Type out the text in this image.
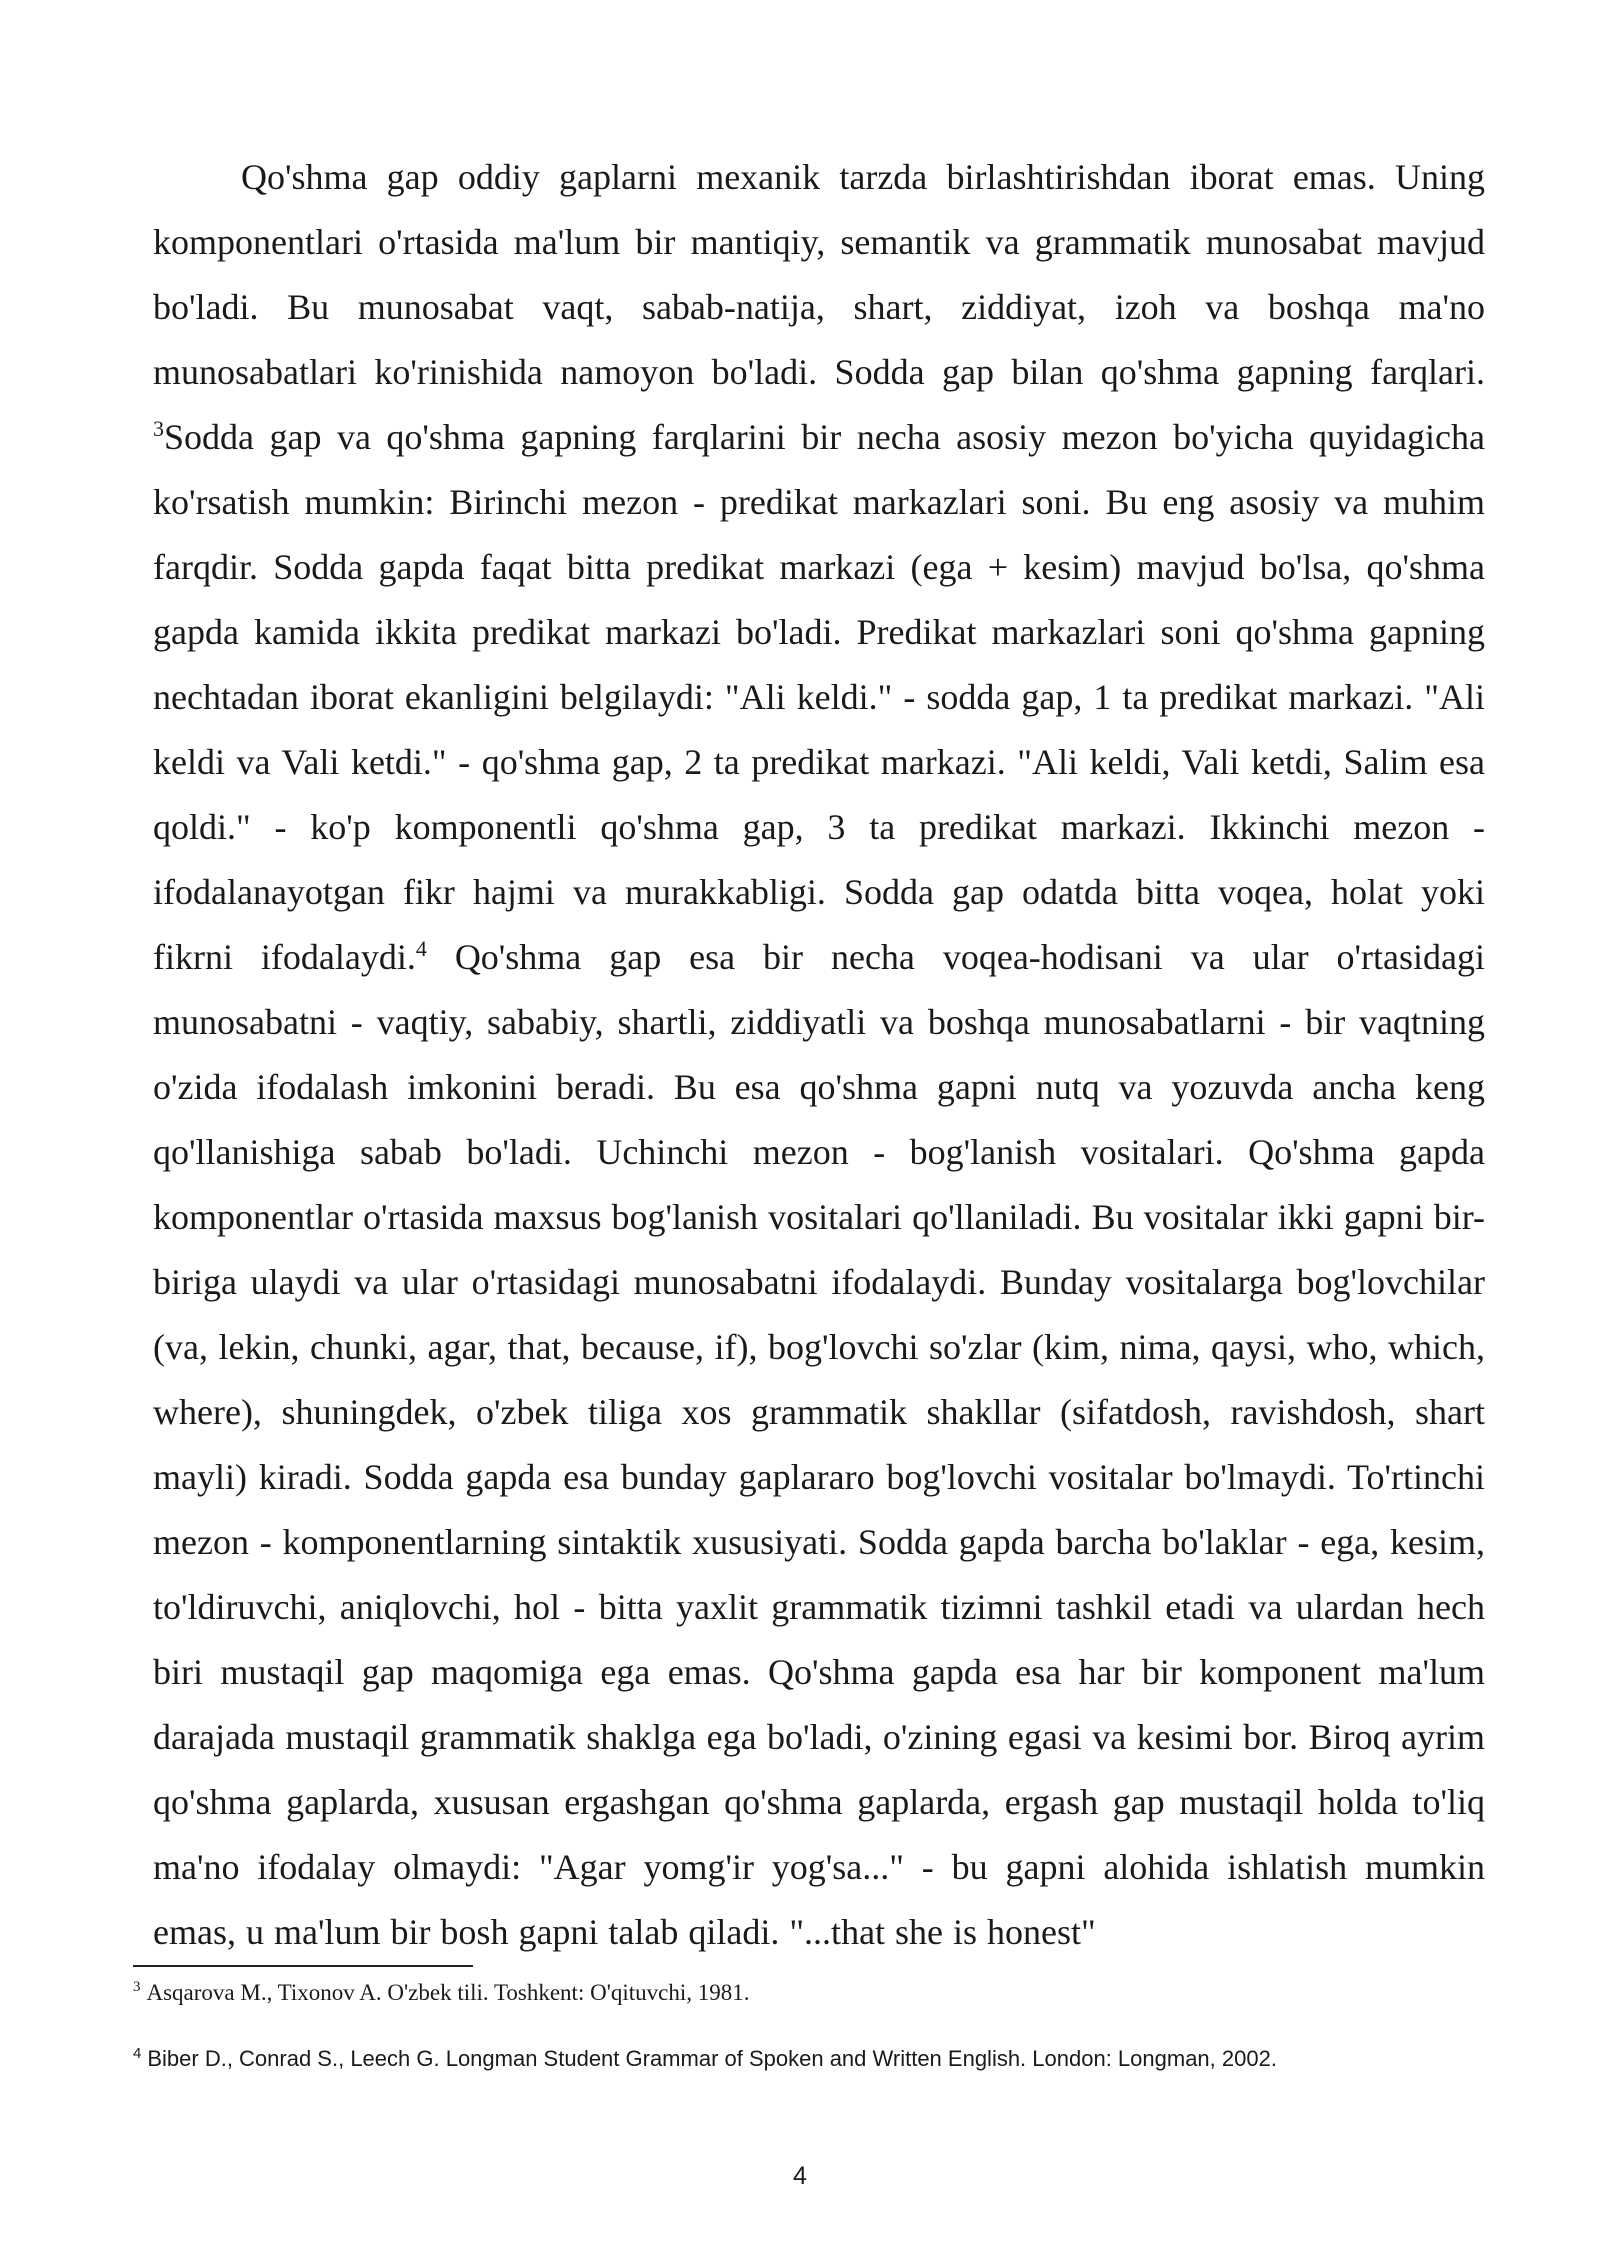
Qo'shma gap oddiy gaplarni mexanik tarzda birlashtirishdan iborat emas. Uning komponentlari o'rtasida ma'lum bir mantiqiy, semantik va grammatik munosabat mavjud bo'ladi. Bu munosabat vaqt, sabab-natija, shart, ziddiyat, izoh va boshqa ma'no munosabatlari ko'rinishida namoyon bo'ladi. Sodda gap bilan qo'shma gapning farqlari. $^3$Sodda gap va qo'shma gapning farqlarini bir necha asosiy mezon bo'yicha quyidagicha ko'rsatish mumkin: Birinchi mezon - predikat markazlari soni. Bu eng asosiy va muhim farqdir. Sodda gapda faqat bitta predikat markazi (ega + kesim) mavjud bo'lsa, qo'shma gapda kamida ikkita predikat markazi bo'ladi. Predikat markazlari soni qo'shma gapning nechtadan iborat ekanligini belgilaydi: "Ali keldi." - sodda gap, 1 ta predikat markazi. "Ali keldi va Vali ketdi." - qo'shma gap, 2 ta predikat markazi. "Ali keldi, Vali ketdi, Salim esa qoldi." - ko'p komponentli qo'shma gap, 3 ta predikat markazi. Ikkinchi mezon - ifodalanayotgan fikr hajmi va murakkabligi. Sodda gap odatda bitta voqea, holat yoki fikrni ifodalaydi.$^4$ Qo'shma gap esa bir necha voqea-hodisani va ular o'rtasidagi munosabatni - vaqtiy, sababiy, shartli, ziddiyatli va boshqa munosabatlarni - bir vaqtning o'zida ifodalash imkonini beradi. Bu esa qo'shma gapni nutq va yozuvda ancha keng qo'llanishiga sabab bo'ladi. Uchinchi mezon - bog'lanish vositalari. Qo'shma gapda komponentlar o'rtasida maxsus bog'lanish vositalari qo'llaniladi. Bu vositalar ikki gapni bir-biriga ulaydi va ular o'rtasidagi munosabatni ifodalaydi. Bunday vositalarga bog'lovchilar (va, lekin, chunki, agar, that, because, if), bog'lovchi so'zlar (kim, nima, qaysi, who, which, where), shuningdek, o'zbek tiliga xos grammatik shakllar (sifatdosh, ravishdosh, shart mayli) kiradi. Sodda gapda esa bunday gaplararo bog'lovchi vositalar bo'lmaydi. To'rtinchi mezon - komponentlarning sintaktik xususiyati. Sodda gapda barcha bo'laklar - ega, kesim, to'ldiruvchi, aniqlovchi, hol - bitta yaxlit grammatik tizimni tashkil etadi va ulardan hech biri mustaqil gap maqomiga ega emas. Qo'shma gapda esa har bir komponent ma'lum darajada mustaqil grammatik shaklga ega bo'ladi, o'zining egasi va kesimi bor. Biroq ayrim qo'shma gaplarda, xususan ergashgan qo'shma gaplarda, ergash gap mustaqil holda to'liq ma'no ifodalay olmaydi: "Agar yomg'ir yog'sa..." - bu gapni alohida ishlatish mumkin emas, u ma'lum bir bosh gapni talab qiladi. "...that she is honest"

$^3$ Asqarova M., Tixonov A. O'zbek tili. Toshkent: O'qituvchi, 1981.

$^4$ Biber D., Conrad S., Leech G. Longman Student Grammar of Spoken and Written English. London: Longman, 2002.

4
